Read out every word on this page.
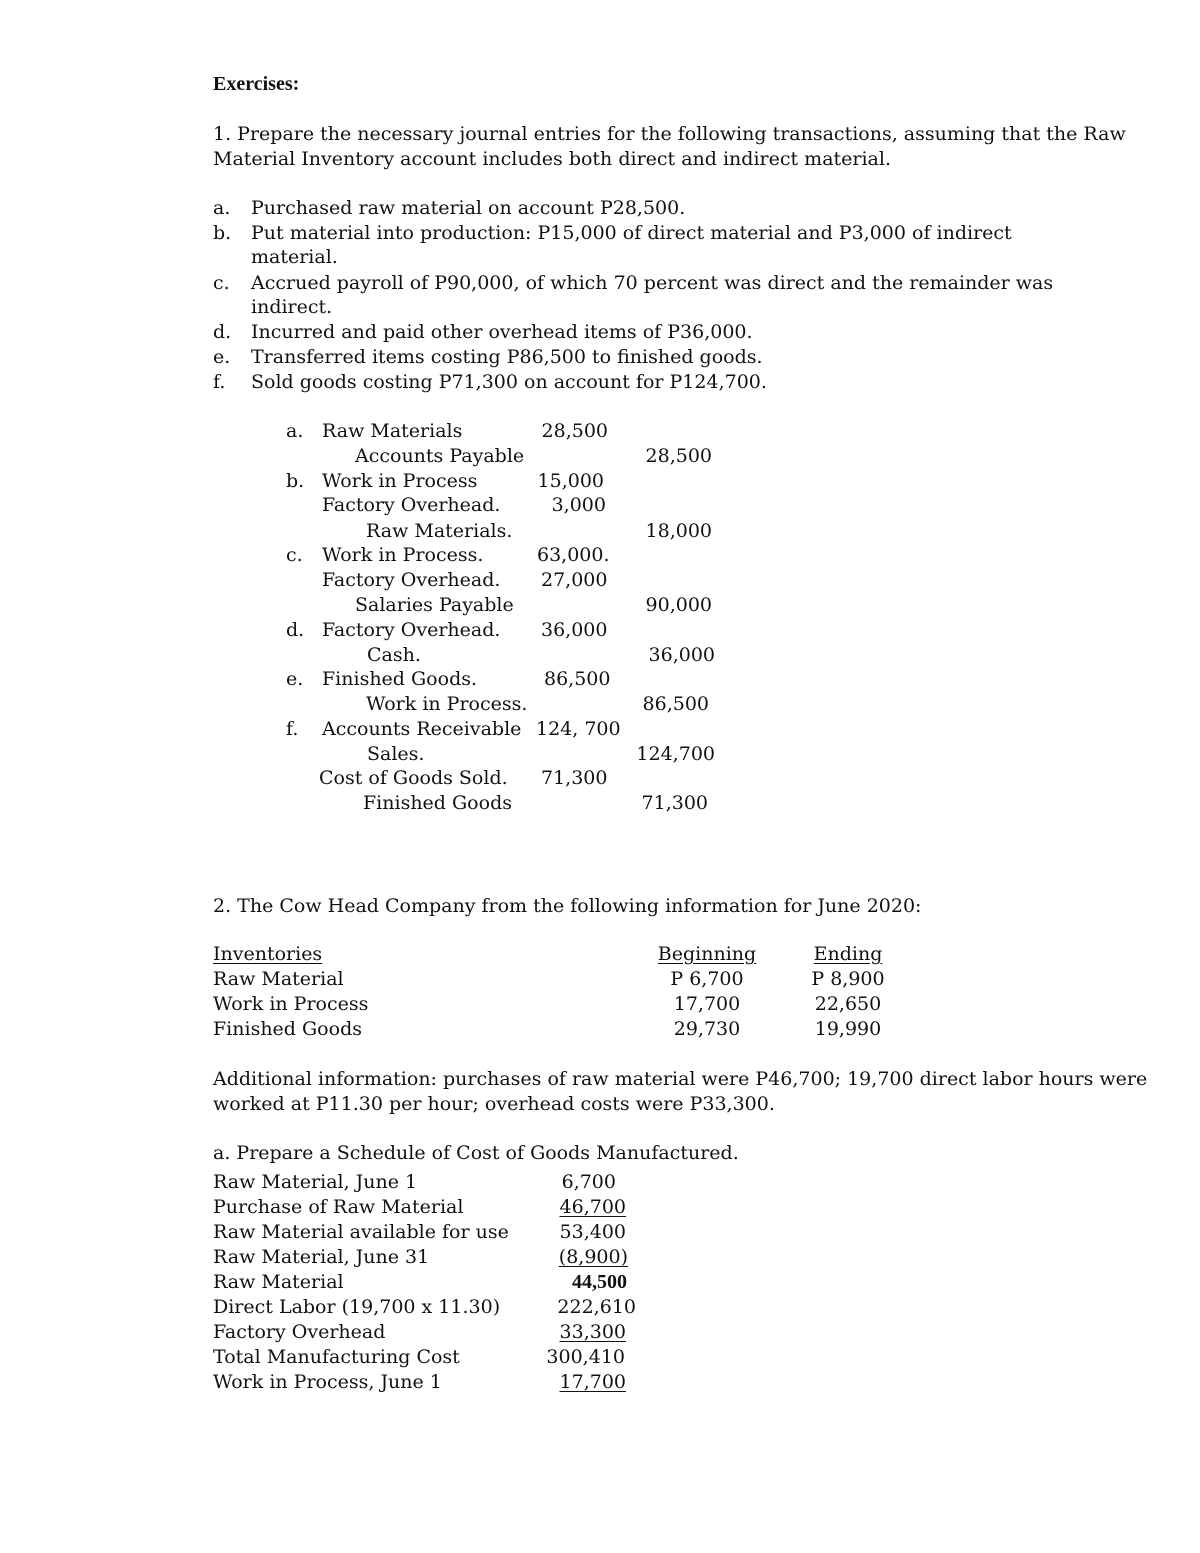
Exercises:
1. Prepare the necessary journal entries for the following transactions, assuming that the Raw
Material Inventory account includes both direct and indirect material.
a. Purchased raw material on account P28,500.
b. Put material into production: P15,000 of direct material and P3,000 of indirect
material.
c. Accrued payroll of P90,000, of which 70 percent was direct and the remainder was
indirect.
d. Incurred and paid other overhead items of P36,000.
e. Transferred items costing P86,500 to finished goods.
f. Sold goods costing P71,300 on account for P124,700.
a. Raw Materials	28,500
Accounts Payable	28,500
b. Work in Process	15,000
Factory Overhead.	3,000
Raw Materials.	18,000
c. Work in Process.	63,000.
Factory Overhead. 27,000
Salaries Payable	90,000
d. Factory Overhead. 36,000
Cash.	36,000
e. Finished Goods.	86,500
Work in Process.	86,500
f. Accounts Receivable 124, 700
Sales.	124,700
Cost of Goods Sold. 71,300
Finished Goods	71,300
2. The Cow Head Company from the following information for June 2020:
Inventories	Beginning	Ending
Raw Material	P 6,700	P 8,900
Work in Process	17,700	22,650
Finished Goods	29,730	19,990
Additional information: purchases of raw material were P46,700; 19,700 direct labor hours were
worked at P11.30 per hour; overhead costs were P33,300.
a. Prepare a Schedule of Cost of Goods Manufactured.
Raw Material, June 1	6,700
Purchase of Raw Material	46,700
Raw Material available for use	53,400
Raw Material, June 31	(8,900)
Raw Material	44,500
Direct Labor (19,700 x 11.30)	222,610
Factory Overhead	33,300
Total Manufacturing Cost	300,410
Work in Process, June 1	17,700
